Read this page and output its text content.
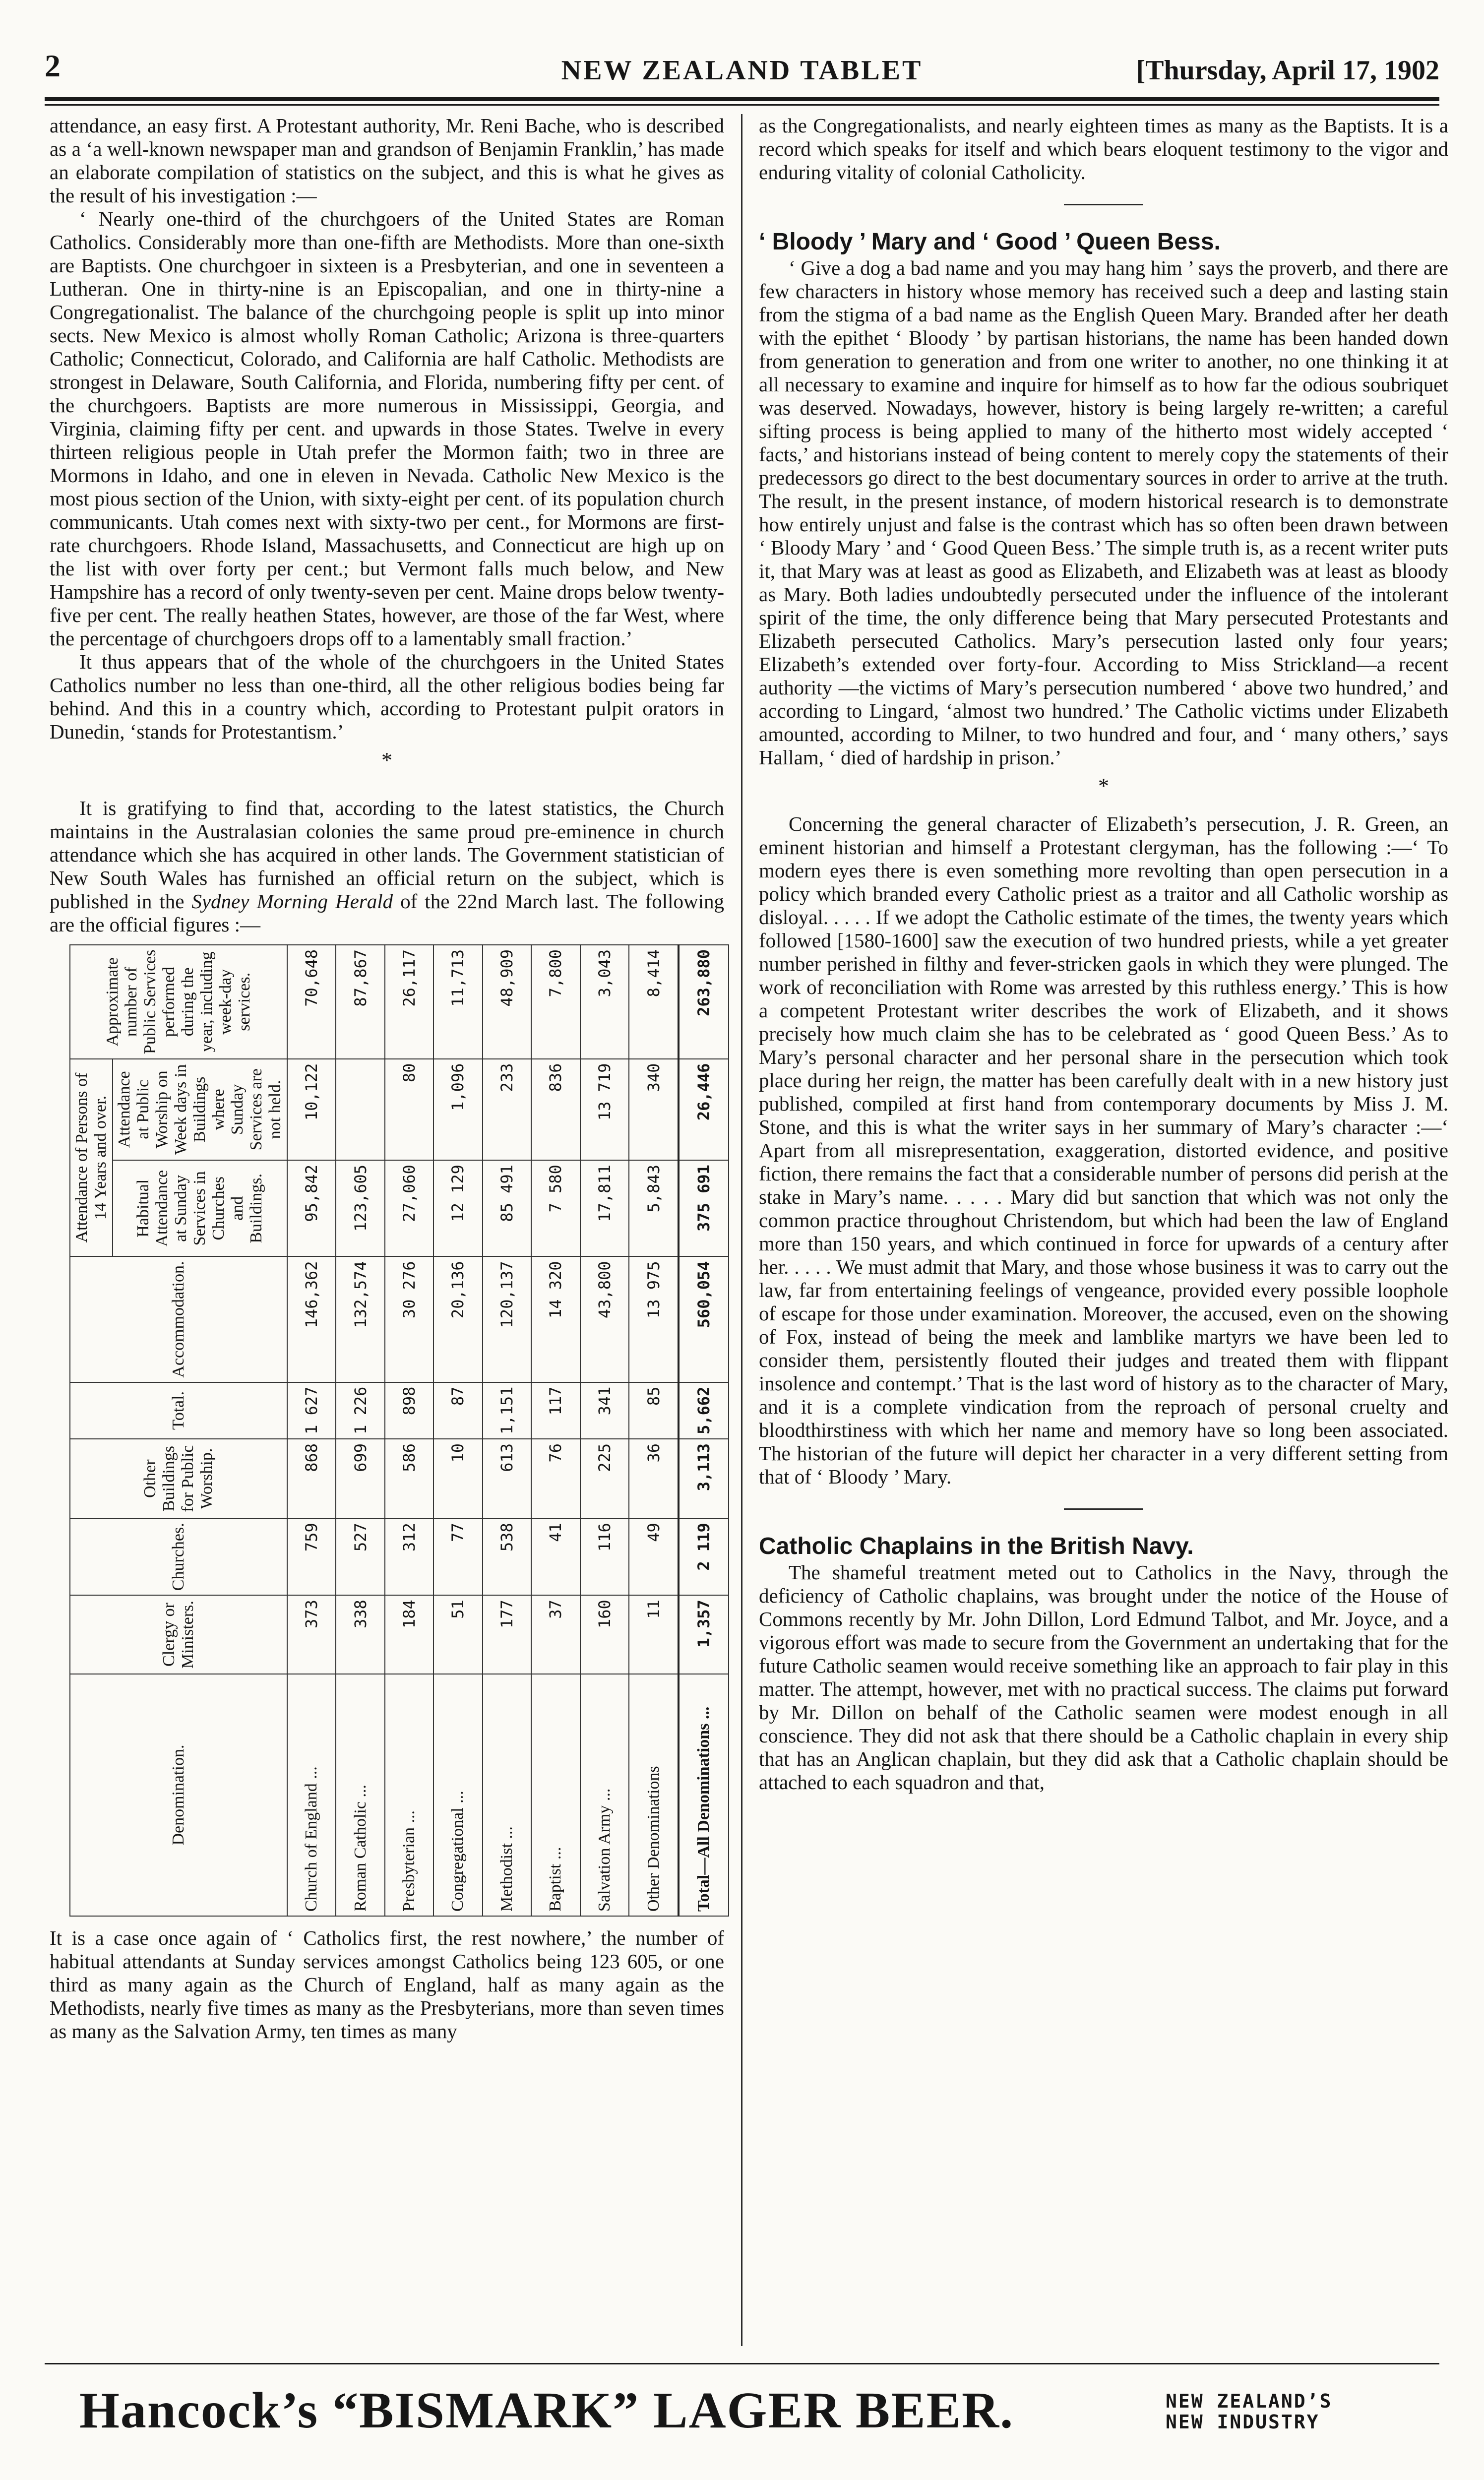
2	NEW ZEALAND TABLET	[Thursday, April 17, 1902

attendance, an easy first. A Protestant authority, Mr. Reni Bache, who is described as a ‘a well-known newspaper man and grandson of Benjamin Franklin,’ has made an elaborate compilation of statistics on the subject, and this is what he gives as the result of his investigation :—

‘ Nearly one-third of the churchgoers of the United States are Roman Catholics. Considerably more than one-fifth are Methodists. More than one-sixth are Baptists. One churchgoer in sixteen is a Presbyterian, and one in seventeen a Lutheran. One in thirty-nine is an Episcopalian, and one in thirty-nine a Congregationalist. The balance of the churchgoing people is split up into minor sects. New Mexico is almost wholly Roman Catholic; Arizona is three-quarters Catholic; Connecticut, Colorado, and California are half Catholic. Methodists are strongest in Delaware, South California, and Florida, numbering fifty per cent. of the churchgoers. Baptists are more numerous in Mississippi, Georgia, and Virginia, claiming fifty per cent. and upwards in those States. Twelve in every thirteen religious people in Utah prefer the Mormon faith; two in three are Mormons in Idaho, and one in eleven in Nevada. Catholic New Mexico is the most pious section of the Union, with sixty-eight per cent. of its population church communicants. Utah comes next with sixty-two per cent., for Mormons are first-rate churchgoers. Rhode Island, Massachusetts, and Connecticut are high up on the list with over forty per cent.; but Vermont falls much below, and New Hampshire has a record of only twenty-seven per cent. Maine drops below twenty-five per cent. The really heathen States, however, are those of the far West, where the percentage of churchgoers drops off to a lamentably small fraction.’

It thus appears that of the whole of the churchgoers in the United States Catholics number no less than one-third, all the other religious bodies being far behind. And this in a country which, according to Protestant pulpit orators in Dunedin, ‘stands for Protestantism.’

*

It is gratifying to find that, according to the latest statistics, the Church maintains in the Australasian colonies the same proud pre-eminence in church attendance which she has acquired in other lands. The Government statistician of New South Wales has furnished an official return on the subject, which is published in the Sydney Morning Herald of the 22nd March last. The following are the official figures :—

Denomination.	Clergy or Ministers.	Churches.	Other Buildings for Public Worship.	Total.	Accommodation.	Attendance of Persons of 14 Years and over.		Approximate number of Public Services performed during the year, including week-day services.
						Habitual Attendance at Sunday Services in Churches and Buildings.	Attendance at Public Worship on Week days in Buildings where Sunday Services are not held.	
Church of England ...	373	759	868	1 627	146,362	95,842	10,122	70,648
Roman Catholic ...	338	527	699	1 226	132,574	123,605		87,867
Presbyterian ...	184	312	586	898	30 276	27,060	80	26,117
Congregational ...	51	77	10	87	20,136	12 129	1,096	11,713
Methodist ...	177	538	613	1,151	120,137	85 491	233	48,909
Baptist ...	37	41	76	117	14 320	7 580	836	7,800
Salvation Army ...	160	116	225	341	43,800	17,811	13 719	3,043
Other Denominations	11	49	36	85	13 975	5,843	340	8,414
Total—All Denominations ...	1,357	2 119	3,113	5,662	560,054	375 691	26,446	263,880

It is a case once again of ‘ Catholics first, the rest nowhere,’ the number of habitual attendants at Sunday services amongst Catholics being 123 605, or one third as many again as the Church of England, half as many again as the Methodists, nearly five times as many as the Presbyterians, more than seven times as many as the Salvation Army, ten times as many

as the Congregationalists, and nearly eighteen times as many as the Baptists. It is a record which speaks for itself and which bears eloquent testimony to the vigor and enduring vitality of colonial Catholicity.

‘ Bloody ’ Mary and ‘ Good ’ Queen Bess.

‘ Give a dog a bad name and you may hang him ’ says the proverb, and there are few characters in history whose memory has received such a deep and lasting stain from the stigma of a bad name as the English Queen Mary. Branded after her death with the epithet ‘ Bloody ’ by partisan historians, the name has been handed down from generation to generation and from one writer to another, no one thinking it at all necessary to examine and inquire for himself as to how far the odious soubriquet was deserved. Nowadays, however, history is being largely re-written; a careful sifting process is being applied to many of the hitherto most widely accepted ‘ facts,’ and historians instead of being content to merely copy the statements of their predecessors go direct to the best documentary sources in order to arrive at the truth. The result, in the present instance, of modern historical research is to demonstrate how entirely unjust and false is the contrast which has so often been drawn between ‘ Bloody Mary ’ and ‘ Good Queen Bess.’ The simple truth is, as a recent writer puts it, that Mary was at least as good as Elizabeth, and Elizabeth was at least as bloody as Mary. Both ladies undoubtedly persecuted under the influence of the intolerant spirit of the time, the only difference being that Mary persecuted Protestants and Elizabeth persecuted Catholics. Mary’s persecution lasted only four years; Elizabeth’s extended over forty-four. According to Miss Strickland—a recent authority —the victims of Mary’s persecution numbered ‘ above two hundred,’ and according to Lingard, ‘almost two hundred.’ The Catholic victims under Elizabeth amounted, according to Milner, to two hundred and four, and ‘ many others,’ says Hallam, ‘ died of hardship in prison.’

*

Concerning the general character of Elizabeth’s persecution, J. R. Green, an eminent historian and himself a Protestant clergyman, has the following :—‘ To modern eyes there is even something more revolting than open persecution in a policy which branded every Catholic priest as a traitor and all Catholic worship as disloyal. . . . . If we adopt the Catholic estimate of the times, the twenty years which followed [1580-1600] saw the execution of two hundred priests, while a yet greater number perished in filthy and fever-stricken gaols in which they were plunged. The work of reconciliation with Rome was arrested by this ruthless energy.’ This is how a competent Protestant writer describes the work of Elizabeth, and it shows precisely how much claim she has to be celebrated as ‘ good Queen Bess.’ As to Mary’s personal character and her personal share in the persecution which took place during her reign, the matter has been carefully dealt with in a new history just published, compiled at first hand from contemporary documents by Miss J. M. Stone, and this is what the writer says in her summary of Mary’s character :—‘ Apart from all misrepresentation, exaggeration, distorted evidence, and positive fiction, there remains the fact that a considerable number of persons did perish at the stake in Mary’s name. . . . . Mary did but sanction that which was not only the common practice throughout Christendom, but which had been the law of England more than 150 years, and which continued in force for upwards of a century after her. . . . . We must admit that Mary, and those whose business it was to carry out the law, far from entertaining feelings of vengeance, provided every possible loophole of escape for those under examination. Moreover, the accused, even on the showing of Fox, instead of being the meek and lamblike martyrs we have been led to consider them, persistently flouted their judges and treated them with flippant insolence and contempt.’ That is the last word of history as to the character of Mary, and it is a complete vindication from the reproach of personal cruelty and bloodthirstiness with which her name and memory have so long been associated. The historian of the future will depict her character in a very different setting from that of ‘ Bloody ’ Mary.

Catholic Chaplains in the British Navy.

The shameful treatment meted out to Catholics in the Navy, through the deficiency of Catholic chaplains, was brought under the notice of the House of Commons recently by Mr. John Dillon, Lord Edmund Talbot, and Mr. Joyce, and a vigorous effort was made to secure from the Government an undertaking that for the future Catholic seamen would receive something like an approach to fair play in this matter. The attempt, however, met with no practical success. The claims put forward by Mr. Dillon on behalf of the Catholic seamen were modest enough in all conscience. They did not ask that there should be a Catholic chaplain in every ship that has an Anglican chaplain, but they did ask that a Catholic chaplain should be attached to each squadron and that,

Hancock’s “BISMARK” LAGER BEER.	NEW ZEALAND’S
NEW INDUSTRY
